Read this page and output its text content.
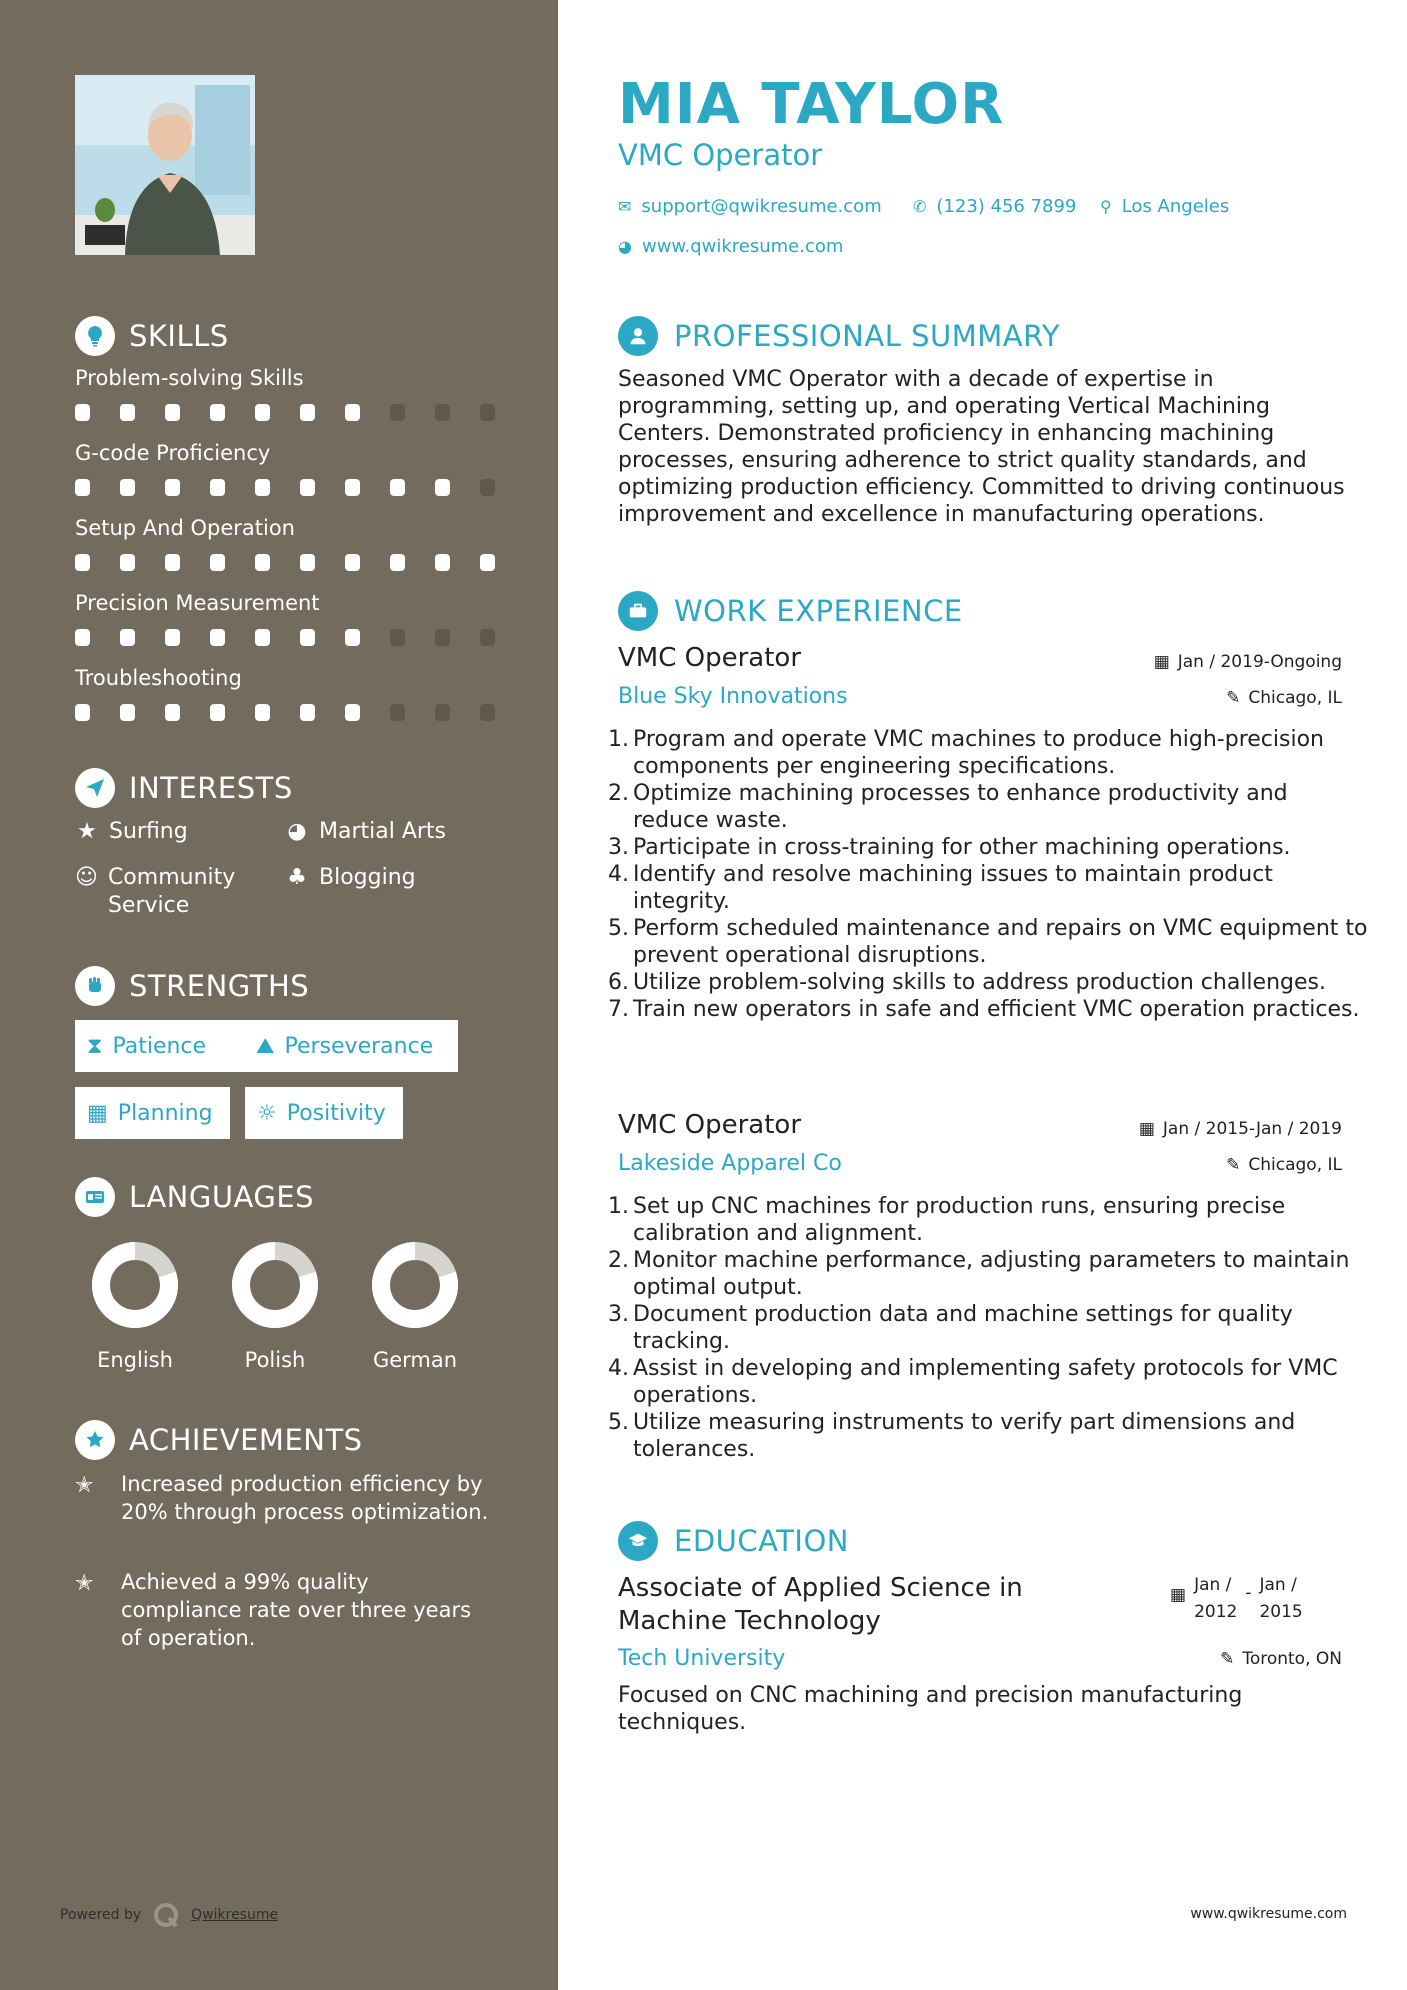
SKILLS
Problem-solving Skills
G-code Proficiency
Setup And Operation
Precision Measurement
Troubleshooting
INTERESTS
★ Surfing	◕ Martial Arts
☺ Community Service
♣ Blogging
STRENGTHS
⧗ Patience ⛰ Perseverance
▦ Planning ☼ Positivity
LANGUAGES
English	Polish	German
ACHIEVEMENTS
✭	Increased production efficiency by 20% through process optimization.
✭	Achieved a 99% quality compliance rate over three years of operation.
Powered by	Qwikresume
MIA TAYLOR
VMC Operator
✉ support@qwikresume.com ✆ (123) 456 7899 ⚲ Los Angeles
◕ www.qwikresume.com
PROFESSIONAL SUMMARY
Seasoned VMC Operator with a decade of expertise in programming, setting up, and operating Vertical Machining Centers. Demonstrated proficiency in enhancing machining processes, ensuring adherence to strict quality standards, and optimizing production efficiency. Committed to driving continuous improvement and excellence in manufacturing operations.
WORK EXPERIENCE
VMC Operator	▦ Jan / 2019-Ongoing
Blue Sky Innovations	✎ Chicago, IL
1. Program and operate VMC machines to produce high-precision components per engineering specifications.
2. Optimize machining processes to enhance productivity and reduce waste.
3. Participate in cross-training for other machining operations.
4. Identify and resolve machining issues to maintain product integrity.
5. Perform scheduled maintenance and repairs on VMC equipment to prevent operational disruptions.
6. Utilize problem-solving skills to address production challenges.
7. Train new operators in safe and efficient VMC operation practices.
VMC Operator	▦ Jan / 2015-Jan / 2019
Lakeside Apparel Co	✎ Chicago, IL
1. Set up CNC machines for production runs, ensuring precise calibration and alignment.
2. Monitor machine performance, adjusting parameters to maintain optimal output.
3. Document production data and machine settings for quality tracking.
4. Assist in developing and implementing safety protocols for VMC operations.
5. Utilize measuring instruments to verify part dimensions and tolerances.
EDUCATION
Associate of Applied Science in Machine Technology
▦ Jan /
2012
- Jan /
2015
Tech University	✎ Toronto, ON
Focused on CNC machining and precision manufacturing techniques.
www.qwikresume.com
